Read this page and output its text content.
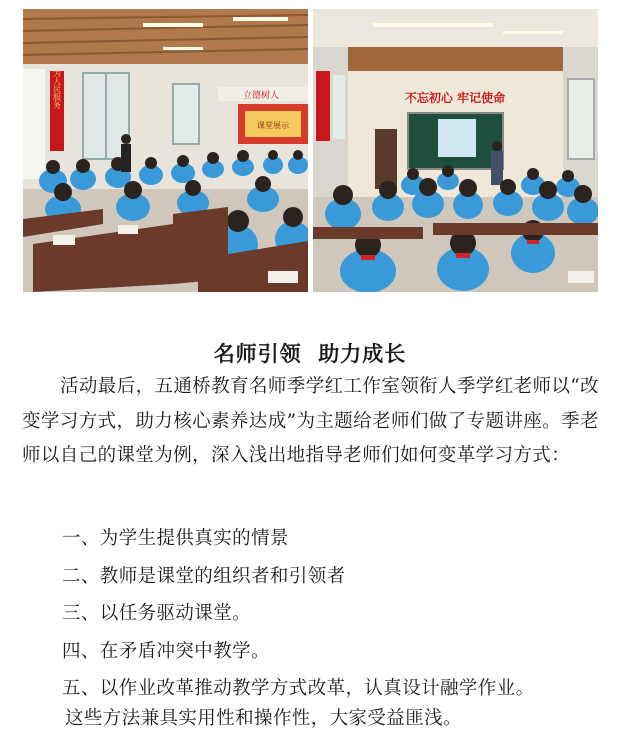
为人民服务	立德树人
课堂展示
不忘初心 牢记使命
名师引领  助力成长

活动最后，五通桥教育名师季学红工作室领衔人季学红老师以“改变学习方式，助力核心素养达成”为主题给老师们做了专题讲座。季老师以自己的课堂为例，深入浅出地指导老师们如何变革学习方式：

一、为学生提供真实的情景
二、教师是课堂的组织者和引领者
三、以任务驱动课堂。
四、在矛盾冲突中教学。
五、以作业改革推动教学方式改革，认真设计融学作业。
这些方法兼具实用性和操作性，大家受益匪浅。
